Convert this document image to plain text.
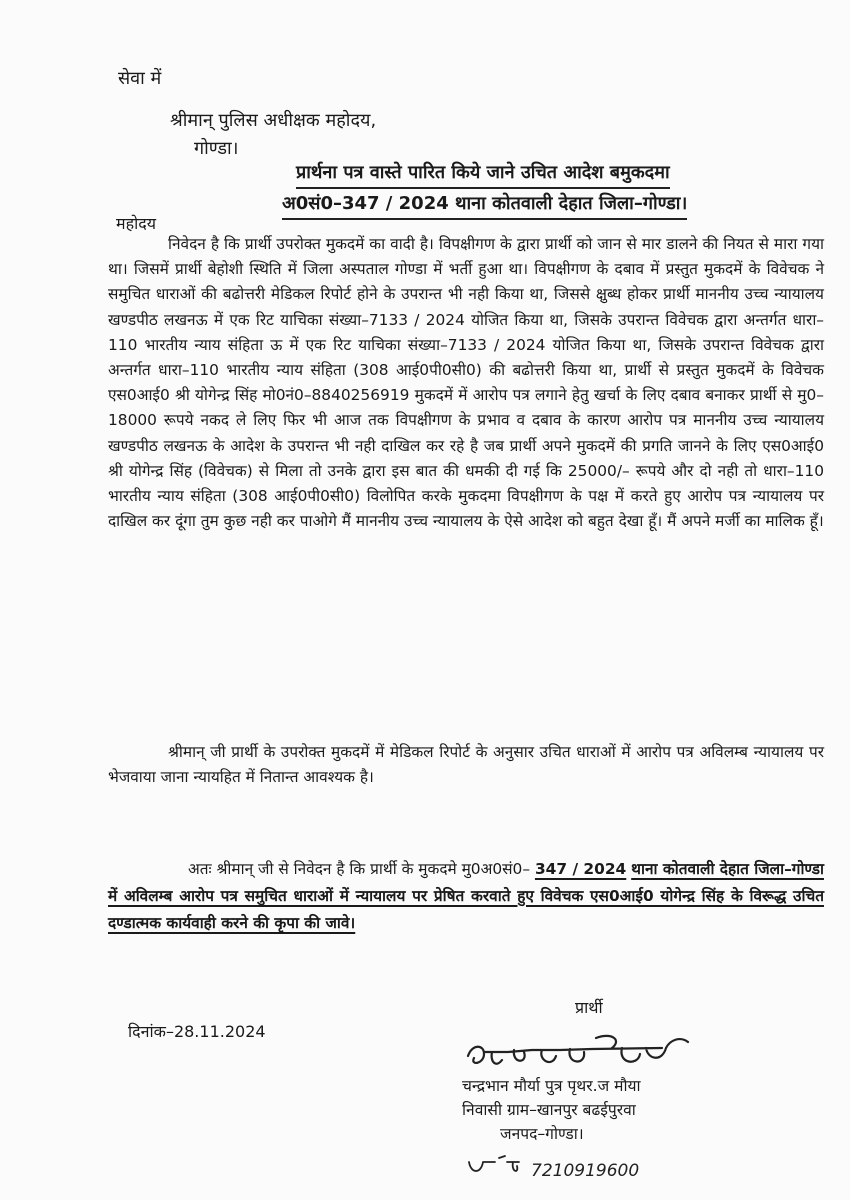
सेवा में
श्रीमान् पुलिस अधीक्षक महोदय,
गोण्डा।
प्रार्थना पत्र वास्ते पारित किये जाने उचित आदेश बमुकदमा
अ0सं0–347 / 2024 थाना कोतवाली देहात जिला–गोण्डा।
महोदय
निवेदन है कि प्रार्थी उपरोक्त मुकदमें का वादी है। विपक्षीगण के द्वारा प्रार्थी को जान से मार डालने की नियत से मारा गया था। जिसमें प्रार्थी बेहोशी स्थिति में जिला अस्पताल गोण्डा में भर्ती हुआ था। विपक्षीगण के दबाव में प्रस्तुत मुकदमें के विवेचक ने समुचित धाराओं की बढोत्तरी मेडिकल रिपोर्ट होने के उपरान्त भी नही किया था, जिससे क्षुब्ध होकर प्रार्थी माननीय उच्च न्यायालय खण्डपीठ लखनऊ में एक रिट याचिका संख्या–7133 / 2024 योजित किया था, जिसके उपरान्त विवेचक द्वारा अन्तर्गत धारा–110 भारतीय न्याय संहिता ऊ में एक रिट याचिका संख्या–7133 / 2024 योजित किया था, जिसके उपरान्त विवेचक द्वारा अन्तर्गत धारा–110 भारतीय न्याय संहिता (308 आई0पी0सी0) की बढोत्तरी किया था, प्रार्थी से प्रस्तुत मुकदमें के विवेचक एस0आई0 श्री योगेन्द्र सिंह मो0नं0–8840256919 मुकदमें में आरोप पत्र लगाने हेतु खर्चा के लिए दबाव बनाकर प्रार्थी से मु0–18000 रूपये नकद ले लिए फिर भी आज तक विपक्षीगण के प्रभाव व दबाव के कारण आरोप पत्र माननीय उच्च न्यायालय खण्डपीठ लखनऊ के आदेश के उपरान्त भी नही दाखिल कर रहे है जब प्रार्थी अपने मुकदमें की प्रगति जानने के लिए एस0आई0 श्री योगेन्द्र सिंह (विवेचक) से मिला तो उनके द्वारा इस बात की धमकी दी गई कि 25000/– रूपये और दो नही तो धारा–110 भारतीय न्याय संहिता (308 आई0पी0सी0) विलोपित करके मुकदमा विपक्षीगण के पक्ष में करते हुए आरोप पत्र न्यायालय पर दाखिल कर दूंगा तुम कुछ नही कर पाओगे मैं माननीय उच्च न्यायालय के ऐसे आदेश को बहुत देखा हूँ। मैं अपने मर्जी का मालिक हूँ।
श्रीमान् जी प्रार्थी के उपरोक्त मुकदमें में मेडिकल रिपोर्ट के अनुसार उचित धाराओं में आरोप पत्र अविलम्ब न्यायालय पर भेजवाया जाना न्यायहित में नितान्त आवश्यक है।
अतः श्रीमान् जी से निवेदन है कि प्रार्थी के मुकदमे मु0अ0सं0– 347 / 2024 थाना कोतवाली देहात जिला–गोण्डा में अविलम्ब आरोप पत्र समुचित धाराओं में न्यायालय पर प्रेषित करवाते हुए विवेचक एस0आई0 योगेन्द्र सिंह के विरूद्ध उचित दण्डात्मक कार्यवाही करने की कृपा की जावे।
प्रार्थी
दिनांक–28.11.2024
चन्द्रभान मौर्या पुत्र पृथर.ज मौया
निवासी ग्राम–खानपुर बढईपुरवा
जनपद–गोण्डा।
7210919600
